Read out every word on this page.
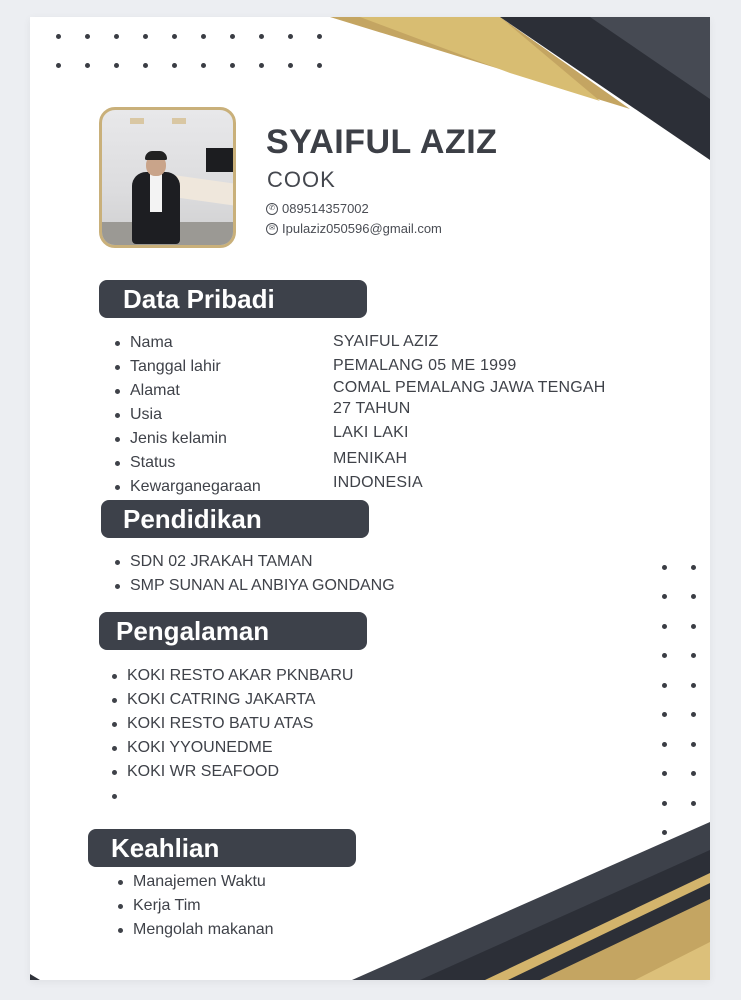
SYAIFUL AZIZ
COOK
✆ 089514357002
✉ Ipulaziz050596@gmail.com
Data Pribadi
Nama
Tanggal lahir
Alamat
Usia
Jenis kelamin
Status
Kewarganegaraan
SYAIFUL AZIZ
PEMALANG 05 ME 1999
COMAL PEMALANG JAWA TENGAH
27 TAHUN
LAKI LAKI
MENIKAH
INDONESIA
Pendidikan
SDN 02 JRAKAH TAMAN
SMP SUNAN AL ANBIYA GONDANG
Pengalaman
KOKI RESTO AKAR PKNBARU
KOKI CATRING JAKARTA
KOKI RESTO BATU ATAS
KOKI YYOUNEDME
KOKI WR SEAFOOD
Keahlian
Manajemen Waktu
Kerja Tim
Mengolah makanan
